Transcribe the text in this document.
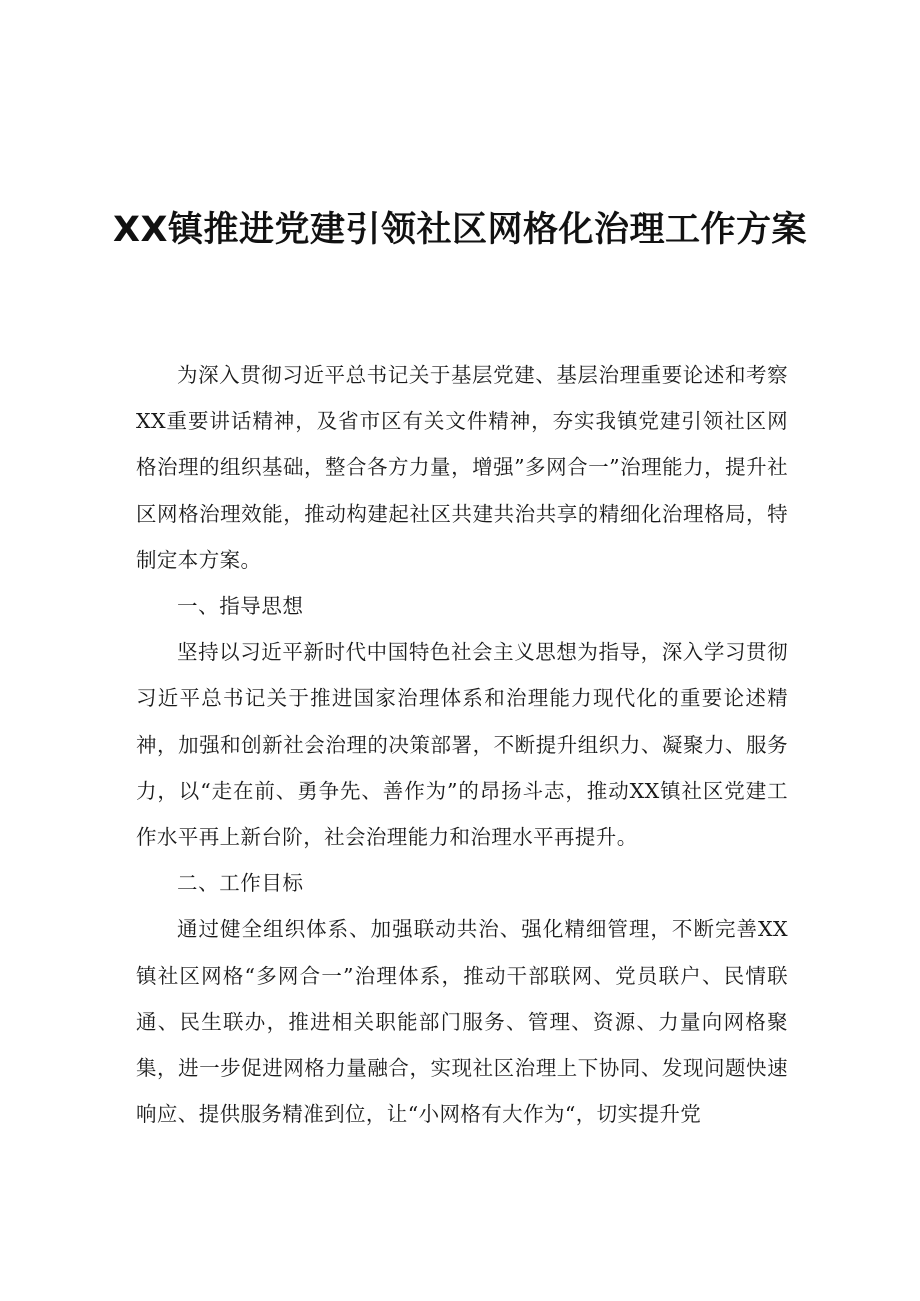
XX镇推进党建引领社区网格化治理工作方案

为深入贯彻习近平总书记关于基层党建、基层治理重要论述和考察XX重要讲话精神，及省市区有关文件精神，夯实我镇党建引领社区网格治理的组织基础，整合各方力量，增强”多网合一”治理能力，提升社区网格治理效能，推动构建起社区共建共治共享的精细化治理格局，特制定本方案。

一、指导思想

坚持以习近平新时代中国特色社会主义思想为指导，深入学习贯彻习近平总书记关于推进国家治理体系和治理能力现代化的重要论述精神，加强和创新社会治理的决策部署，不断提升组织力、凝聚力、服务力，以“走在前、勇争先、善作为”的昂扬斗志，推动XX镇社区党建工作水平再上新台阶，社会治理能力和治理水平再提升。

二、工作目标

通过健全组织体系、加强联动共治、强化精细管理，不断完善XX镇社区网格“多网合一”治理体系，推动干部联网、党员联户、民情联通、民生联办，推进相关职能部门服务、管理、资源、力量向网格聚集，进一步促进网格力量融合，实现社区治理上下协同、发现问题快速响应、提供服务精准到位，让“小网格有大作为“，切实提升党
